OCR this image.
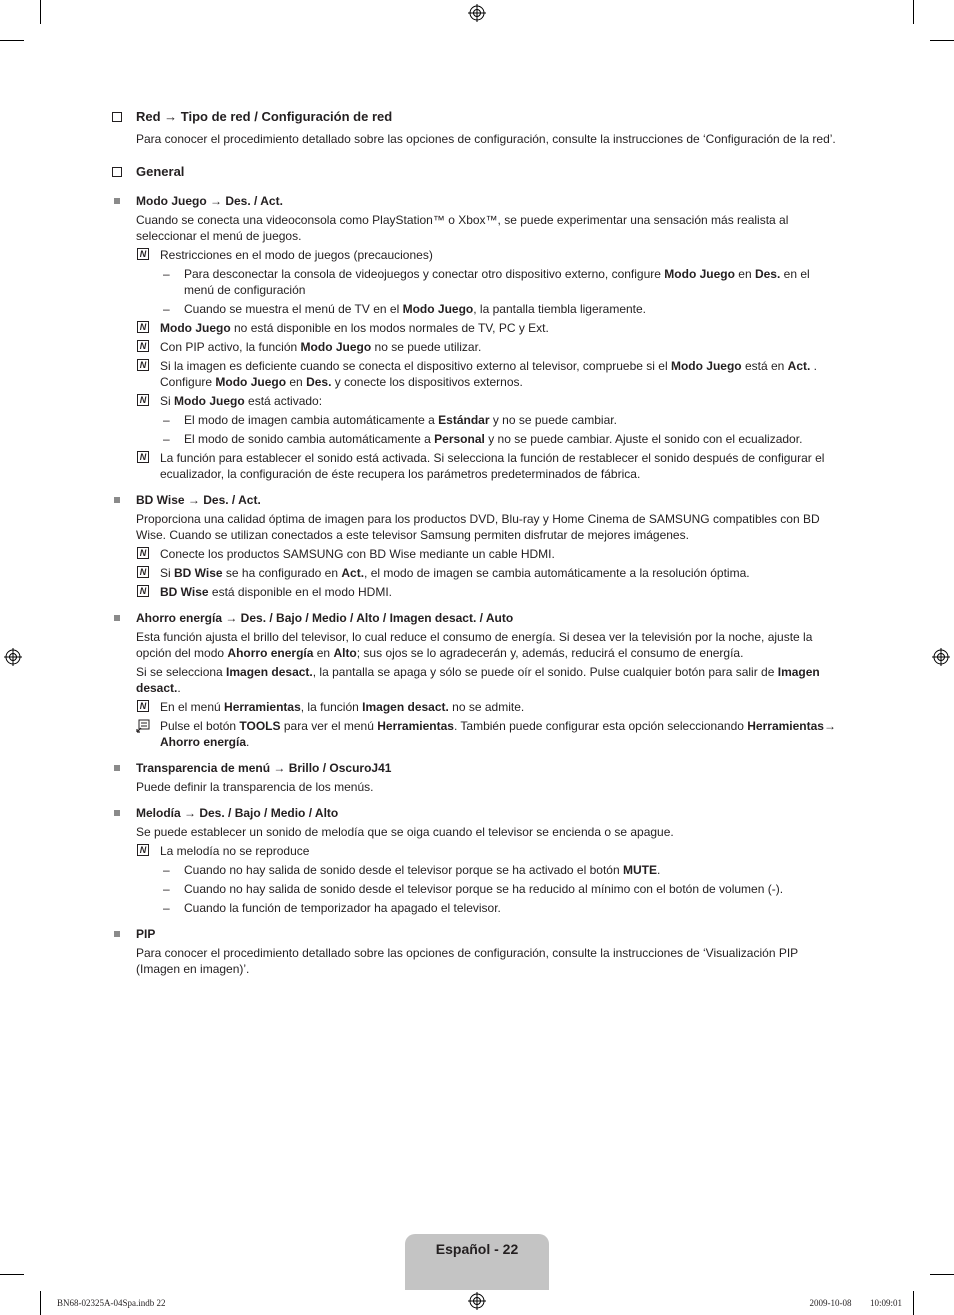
Red → Tipo de red / Configuración de red
Para conocer el procedimiento detallado sobre las opciones de configuración, consulte la instrucciones de ‘Configuración de la red’.
General
Modo Juego → Des. / Act.

Cuando se conecta una videoconsola como PlayStation™ o Xbox™, se puede experimentar una sensación más realista al seleccionar el menú de juegos.

N Restricciones en el modo de juegos (precauciones)
– Para desconectar la consola de videojuegos y conectar otro dispositivo externo, configure Modo Juego en Des. en el menú de configuración
– Cuando se muestra el menú de TV en el Modo Juego, la pantalla tiembla ligeramente.
N Modo Juego no está disponible en los modos normales de TV, PC y Ext.
N Con PIP activo, la función Modo Juego no se puede utilizar.
N Si la imagen es deficiente cuando se conecta el dispositivo externo al televisor, compruebe si el Modo Juego está en Act. . Configure Modo Juego en Des. y conecte los dispositivos externos.
N Si Modo Juego está activado:
– El modo de imagen cambia automáticamente a Estándar y no se puede cambiar.
– El modo de sonido cambia automáticamente a Personal y no se puede cambiar. Ajuste el sonido con el ecualizador.
N La función para establecer el sonido está activada. Si selecciona la función de restablecer el sonido después de configurar el ecualizador, la configuración de éste recupera los parámetros predeterminados de fábrica.
BD Wise → Des. / Act.

Proporciona una calidad óptima de imagen para los productos DVD, Blu-ray y Home Cinema de SAMSUNG compatibles con BD Wise. Cuando se utilizan conectados a este televisor Samsung permiten disfrutar de mejores imágenes.

N Conecte los productos SAMSUNG con BD Wise mediante un cable HDMI.
N Si BD Wise se ha configurado en Act., el modo de imagen se cambia automáticamente a la resolución óptima.
N BD Wise está disponible en el modo HDMI.
Ahorro energía → Des. / Bajo / Medio / Alto / Imagen desact. / Auto

Esta función ajusta el brillo del televisor, lo cual reduce el consumo de energía. Si desea ver la televisión por la noche, ajuste la opción del modo Ahorro energía en Alto; sus ojos se lo agradecerán y, además, reducirá el consumo de energía.

Si se selecciona Imagen desact., la pantalla se apaga y sólo se puede oír el sonido. Pulse cualquier botón para salir de Imagen desact..

N En el menú Herramientas, la función Imagen desact. no se admite.
Pulse el botón TOOLS para ver el menú Herramientas. También puede configurar esta opción seleccionando Herramientas→ Ahorro energía.
Transparencia de menú → Brillo / OscuroJ41

Puede definir la transparencia de los menús.

Melodía → Des. / Bajo / Medio / Alto

Se puede establecer un sonido de melodía que se oiga cuando el televisor se encienda o se apague.

N La melodía no se reproduce
– Cuando no hay salida de sonido desde el televisor porque se ha activado el botón MUTE.
– Cuando no hay salida de sonido desde el televisor porque se ha reducido al mínimo con el botón de volumen (-).
– Cuando la función de temporizador ha apagado el televisor.
PIP

Para conocer el procedimiento detallado sobre las opciones de configuración, consulte la instrucciones de ‘Visualización PIP (Imagen en imagen)’.

Español - 22
BN68-02325A-04Spa.indb 22	2009-10-08 􀀀􀀀 10:09:01
